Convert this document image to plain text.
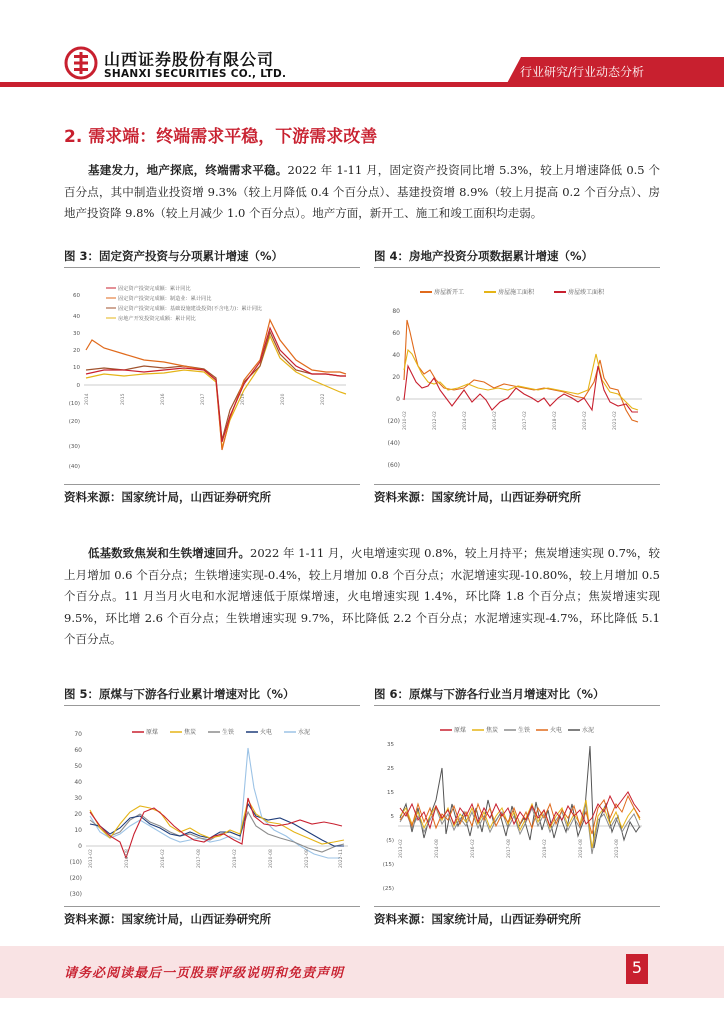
山西证券股份有限公司
SHANXI SECURITIES CO., LTD.	行业研究/行业动态分析
2. 需求端：终端需求平稳，下游需求改善
基建发力，地产探底，终端需求平稳。2022 年 1-11 月，固定资产投资同比增 5.3%，较上月增速降低 0.5 个百分点，其中制造业投资增 9.3%（较上月降低 0.4 个百分点）、基建投资增 8.9%（较上月提高 0.2 个百分点）、房地产投资降 9.8%（较上月减少 1.0 个百分点）。地产方面，新开工、施工和竣工面积均走弱。
图 3：固定资产投资与分项累计增速（%）
60
40
30
20
10
0
(10)
(20)
(30)
(40)
固定资产投资完成额：累计同比
固定资产投资完成额：制造业：累计同比
固定资产投资完成额：基础设施建设投资(不含电力)：累计同比
房地产开发投资完成额：累计同比
2014	2015	2016	2017	2019	2020	2022
资料来源：国家统计局，山西证券研究所
图 4：房地产投资分项数据累计增速（%）
房屋新开工	房屋施工面积	房屋竣工面积
80
60
40
20
0
(20)
(40)
(60)
2010-02	2012-02	2014-02	2016-02	2017-02	2018-02	2020-02	2021-02
资料来源：国家统计局，山西证券研究所
低基数致焦炭和生铁增速回升。2022 年 1-11 月，火电增速实现 0.8%，较上月持平；焦炭增速实现 0.7%，较上月增加 0.6 个百分点；生铁增速实现-0.4%，较上月增加 0.8 个百分点；水泥增速实现-10.80%，较上月增加 0.5 个百分点。11 月当月火电和水泥增速低于原煤增速，火电增速实现 1.4%，环比降 1.8 个百分点；焦炭增速实现 9.5%，环比增 2.6 个百分点；生铁增速实现 9.7%，环比降低 2.2 个百分点；水泥增速实现-4.7%，环比降低 5.1 个百分点。
图 5：原煤与下游各行业累计增速对比（%）
原煤	焦炭	生铁	火电	水泥
70
60
50
40
30
20
10
0
(10)
(20)
(30)
2013-02	2014-08	2016-02	2017-08	2019-02	2020-08	2021-08	2022-11
资料来源：国家统计局，山西证券研究所
图 6：原煤与下游各行业当月增速对比（%）
原煤	焦炭	生铁	火电	水泥
35
25
15
5
(5)
(15)
(25)
2013-02	2014-08	2016-02	2017-08	2019-02	2020-08	2021-08
资料来源：国家统计局，山西证券研究所
请务必阅读最后一页股票评级说明和免责声明	5
